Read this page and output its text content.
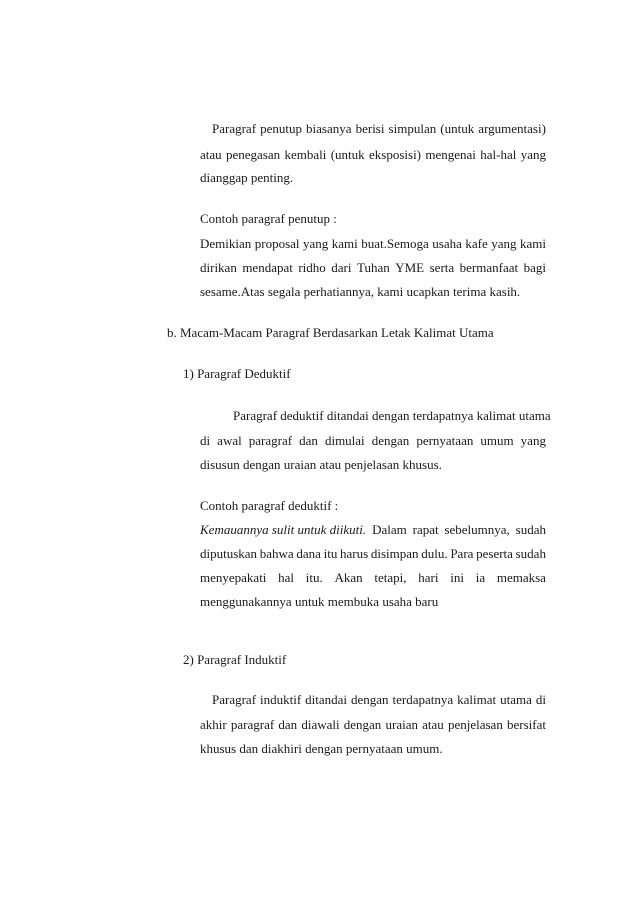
Paragraf penutup biasanya berisi simpulan (untuk argumentasi)
atau penegasan kembali (untuk eksposisi) mengenai hal-hal yang
dianggap penting.
Contoh paragraf penutup :
Demikian proposal yang kami buat.Semoga usaha kafe yang kami
dirikan mendapat ridho dari Tuhan YME serta bermanfaat bagi
sesame.Atas segala perhatiannya, kami ucapkan terima kasih.
b. Macam-Macam Paragraf Berdasarkan Letak Kalimat Utama
1) Paragraf Deduktif
Paragraf deduktif ditandai dengan terdapatnya kalimat utama
di awal paragraf dan dimulai dengan pernyataan umum yang
disusun dengan uraian atau penjelasan khusus.
Contoh paragraf deduktif :
Kemauannya sulit untuk diikuti. Dalam rapat sebelumnya, sudah
diputuskan bahwa dana itu harus disimpan dulu. Para peserta sudah
menyepakati hal itu. Akan tetapi, hari ini ia memaksa
menggunakannya untuk membuka usaha baru
2) Paragraf Induktif
Paragraf induktif ditandai dengan terdapatnya kalimat utama di
akhir paragraf dan diawali dengan uraian atau penjelasan bersifat
khusus dan diakhiri dengan pernyataan umum.
